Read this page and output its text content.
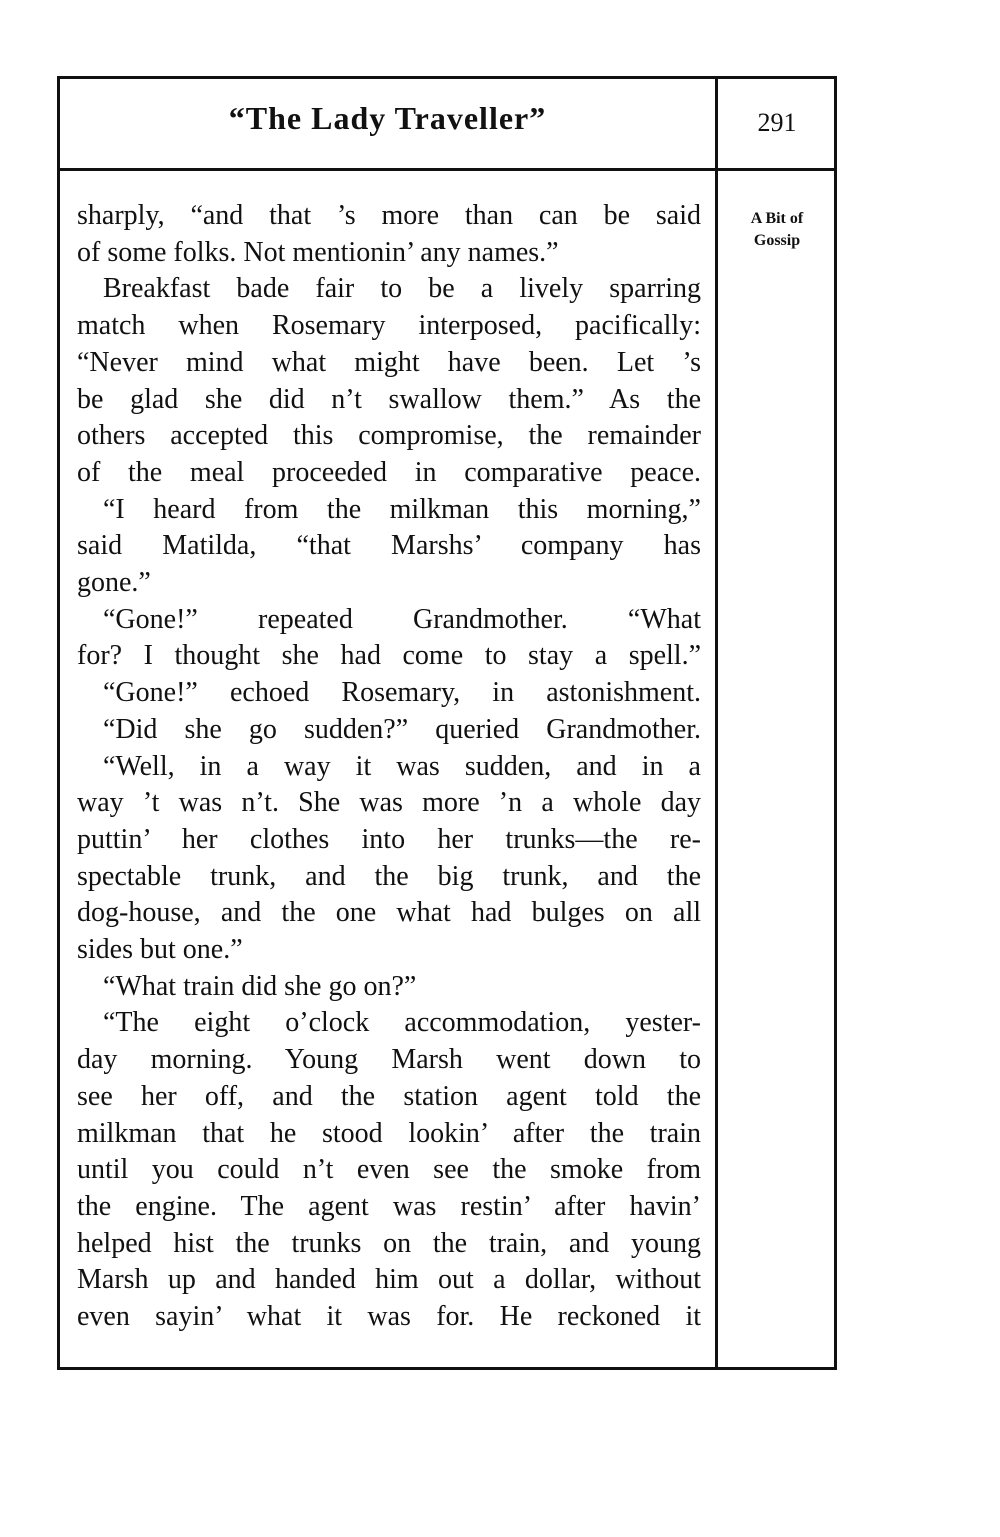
“The Lady Traveller”	291
A Bit of
Gossip
sharply, “and that ’s more than can be said
of some folks. Not mentionin’ any names.”
Breakfast bade fair to be a lively sparring
match when Rosemary interposed, pacifically:
“Never mind what might have been. Let ’s
be glad she did n’t swallow them.” As the
others accepted this compromise, the remainder
of the meal proceeded in comparative peace.
“I heard from the milkman this morning,”
said Matilda, “that Marshs’ company has
gone.”
“Gone!” repeated Grandmother. “What
for? I thought she had come to stay a spell.”
“Gone!” echoed Rosemary, in astonishment.
“Did she go sudden?” queried Grandmother.
“Well, in a way it was sudden, and in a
way ’t was n’t. She was more ’n a whole day
puttin’ her clothes into her trunks—the re-
spectable trunk, and the big trunk, and the
dog-house, and the one what had bulges on all
sides but one.”
“What train did she go on?”
“The eight o’clock accommodation, yester-
day morning. Young Marsh went down to
see her off, and the station agent told the
milkman that he stood lookin’ after the train
until you could n’t even see the smoke from
the engine. The agent was restin’ after havin’
helped hist the trunks on the train, and young
Marsh up and handed him out a dollar, without
even sayin’ what it was for. He reckoned it
